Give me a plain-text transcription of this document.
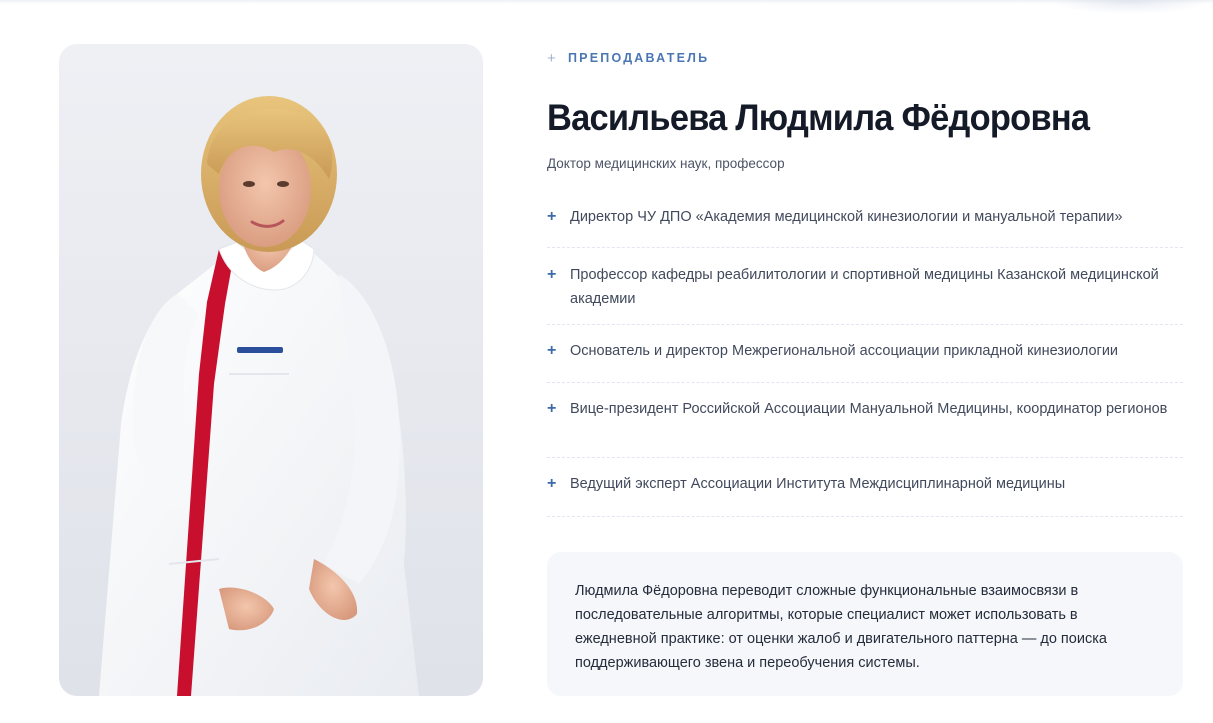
+ ПРЕПОДАВАТЕЛЬ
Васильева Людмила Фёдоровна
Доктор медицинских наук, профессор
+ Директор ЧУ ДПО «Академия медицинской кинезиологии и мануальной терапии»
+ Профессор кафедры реабилитологии и спортивной медицины Казанской медицинской академии
+ Основатель и директор Межрегиональной ассоциации прикладной кинезиологии
+ Вице-президент Российской Ассоциации Мануальной Медицины, координатор регионов
+ Ведущий эксперт Ассоциации Института Междисциплинарной медицины

Людмила Фёдоровна переводит сложные функциональные взаимосвязи в последовательные алгоритмы, которые специалист может использовать в ежедневной практике: от оценки жалоб и двигательного паттерна — до поиска поддерживающего звена и переобучения системы.
